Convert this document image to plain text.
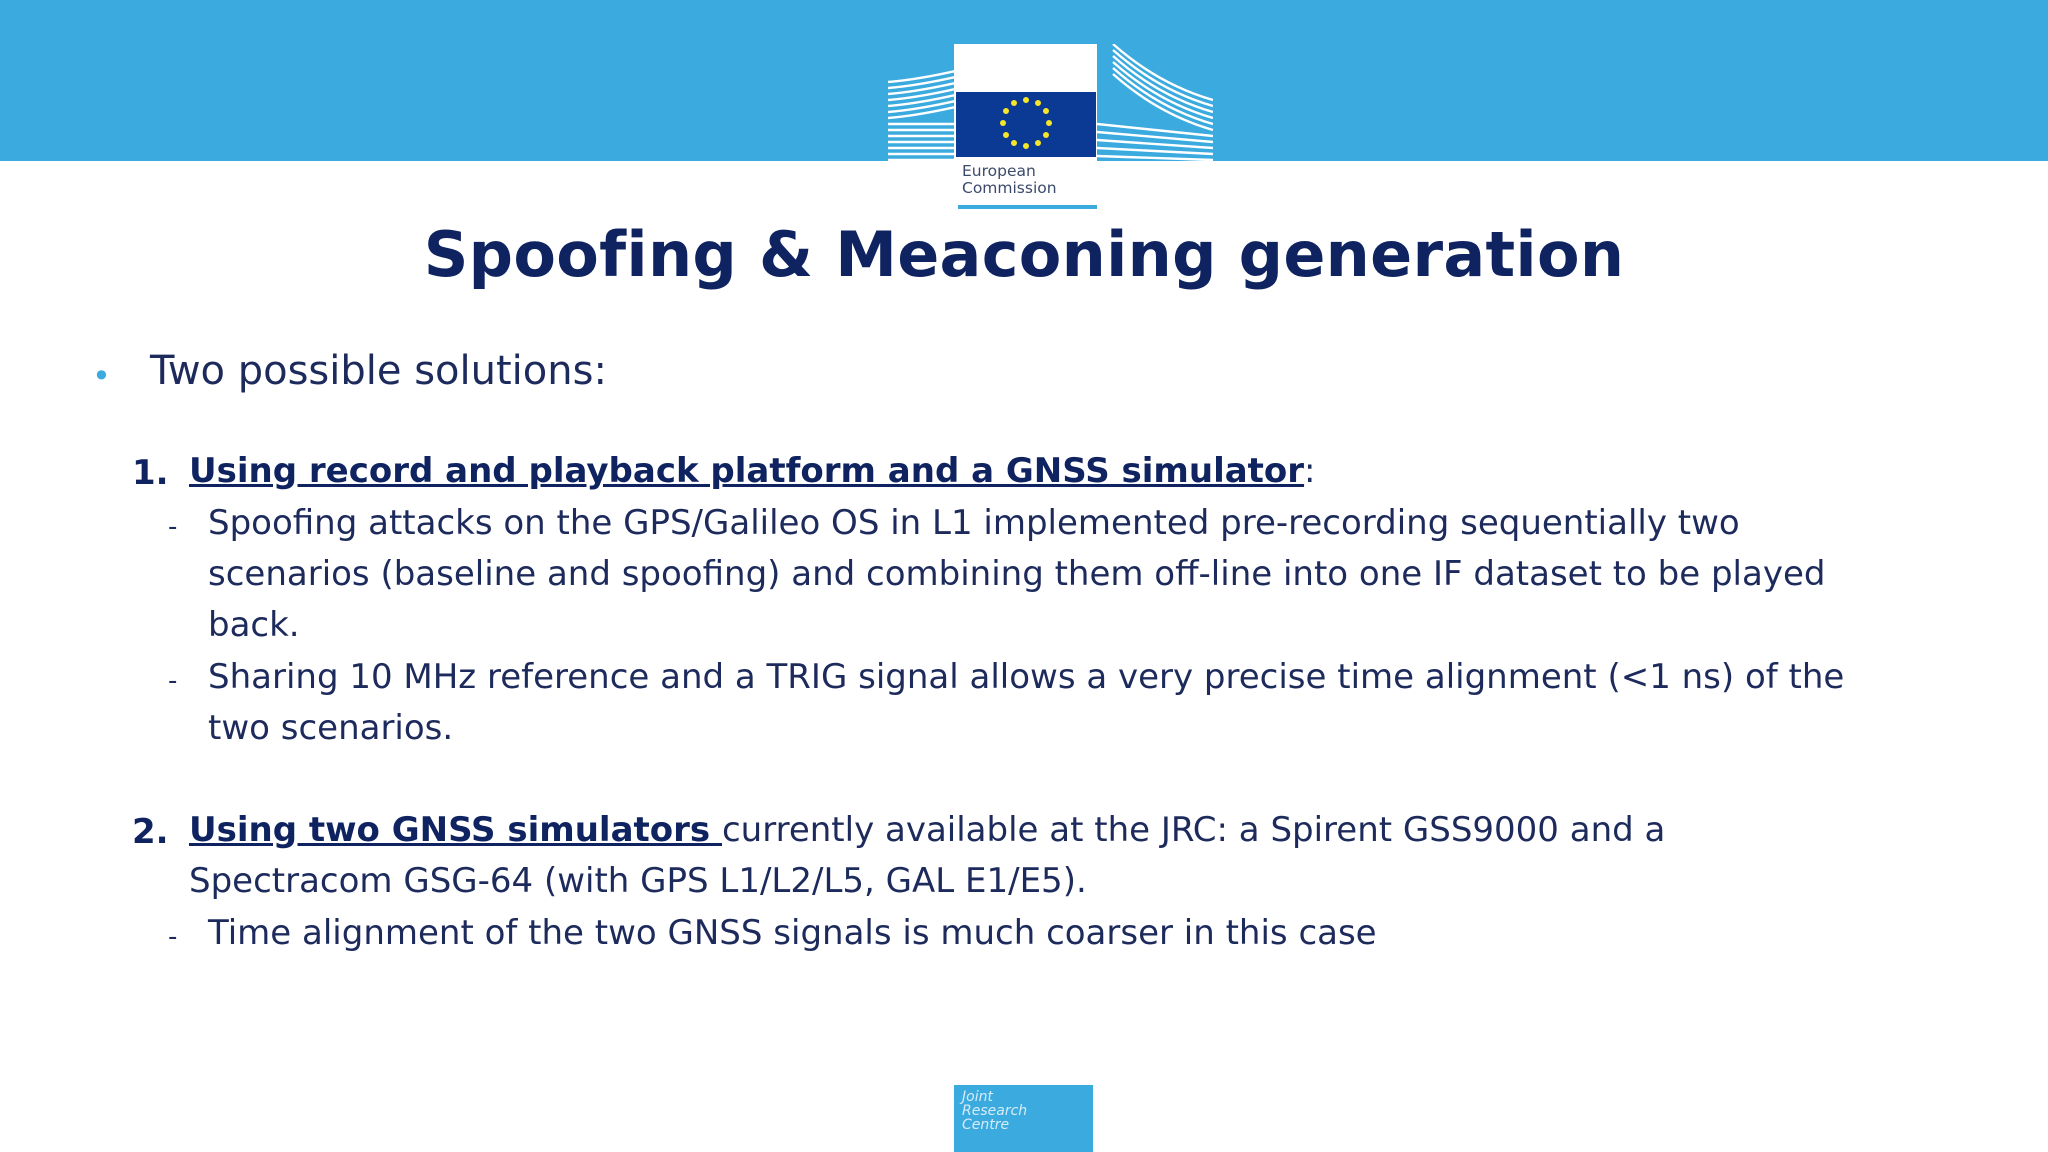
European
Commission
Spoofing & Meaconing generation
• Two possible solutions:
1. Using record and playback platform and a GNSS simulator:
- Spoofing attacks on the GPS/Galileo OS in L1 implemented pre-recording sequentially two
scenarios (baseline and spoofing) and combining them off-line into one IF dataset to be played
back.
- Sharing 10 MHz reference and a TRIG signal allows a very precise time alignment (<1 ns) of the
two scenarios.
2. Using two GNSS simulators currently available at the JRC: a Spirent GSS9000 and a
Spectracom GSG-64 (with GPS L1/L2/L5, GAL E1/E5).
- Time alignment of the two GNSS signals is much coarser in this case
Joint
Research
Centre
